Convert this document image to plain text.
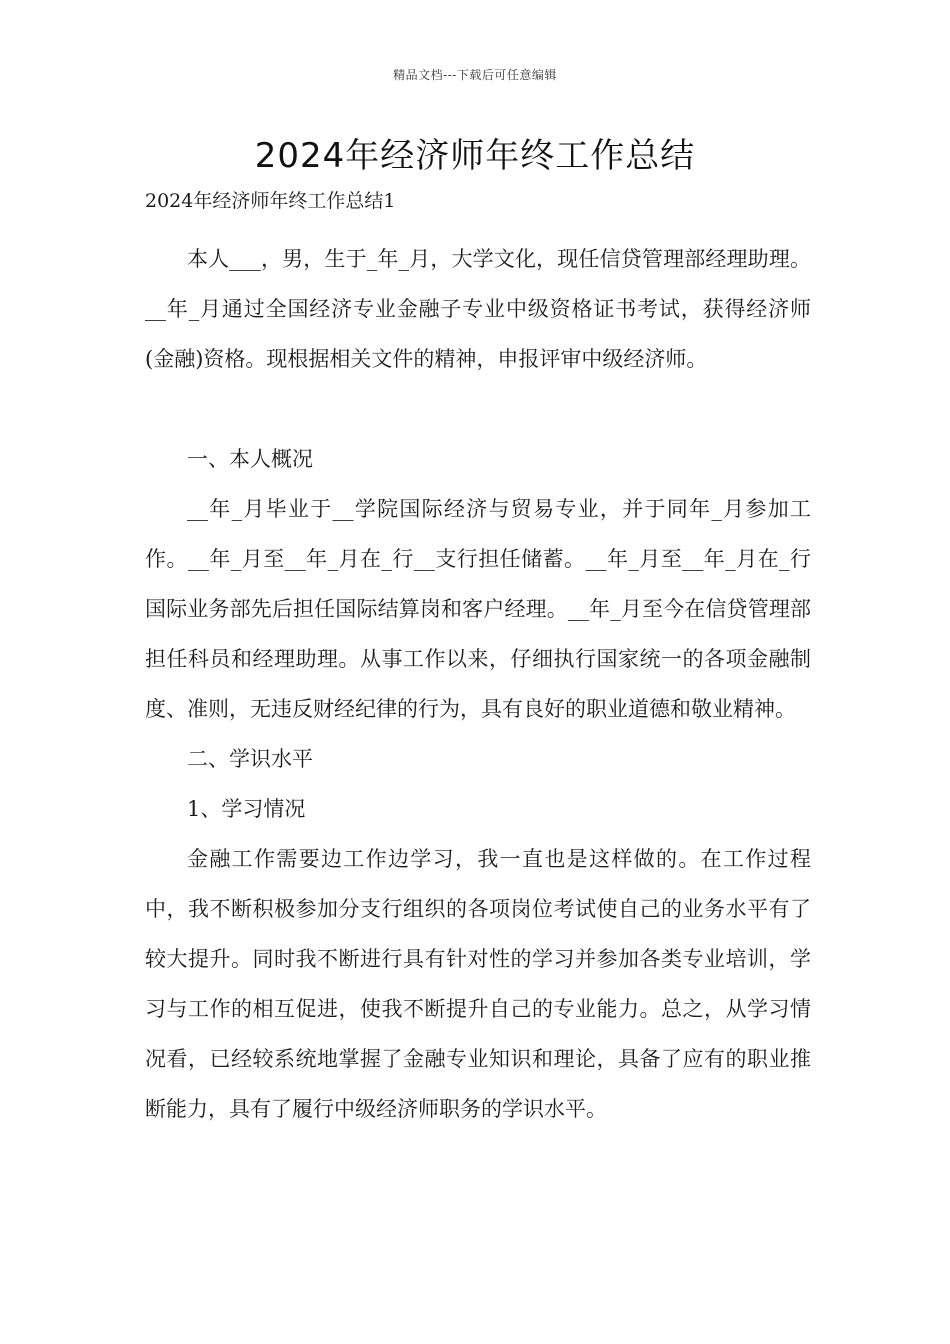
精品文档---下载后可任意编辑
2024年经济师年终工作总结

2024年经济师年终工作总结1

本人___，男，生于_年_月，大学文化，现任信贷管理部经理助理。__年_月通过全国经济专业金融子专业中级资格证书考试，获得经济师(金融)资格。现根据相关文件的精神，申报评审中级经济师。

一、本人概况

__年_月毕业于__学院国际经济与贸易专业，并于同年_月参加工作。__年_月至__年_月在_行__支行担任储蓄。__年_月至__年_月在_行国际业务部先后担任国际结算岗和客户经理。__年_月至今在信贷管理部担任科员和经理助理。从事工作以来，仔细执行国家统一的各项金融制度、准则，无违反财经纪律的行为，具有良好的职业道德和敬业精神。

二、学识水平

1、学习情况

金融工作需要边工作边学习，我一直也是这样做的。在工作过程中，我不断积极参加分支行组织的各项岗位考试使自己的业务水平有了较大提升。同时我不断进行具有针对性的学习并参加各类专业培训，学习与工作的相互促进，使我不断提升自己的专业能力。总之，从学习情况看，已经较系统地掌握了金融专业知识和理论，具备了应有的职业推断能力，具有了履行中级经济师职务的学识水平。
